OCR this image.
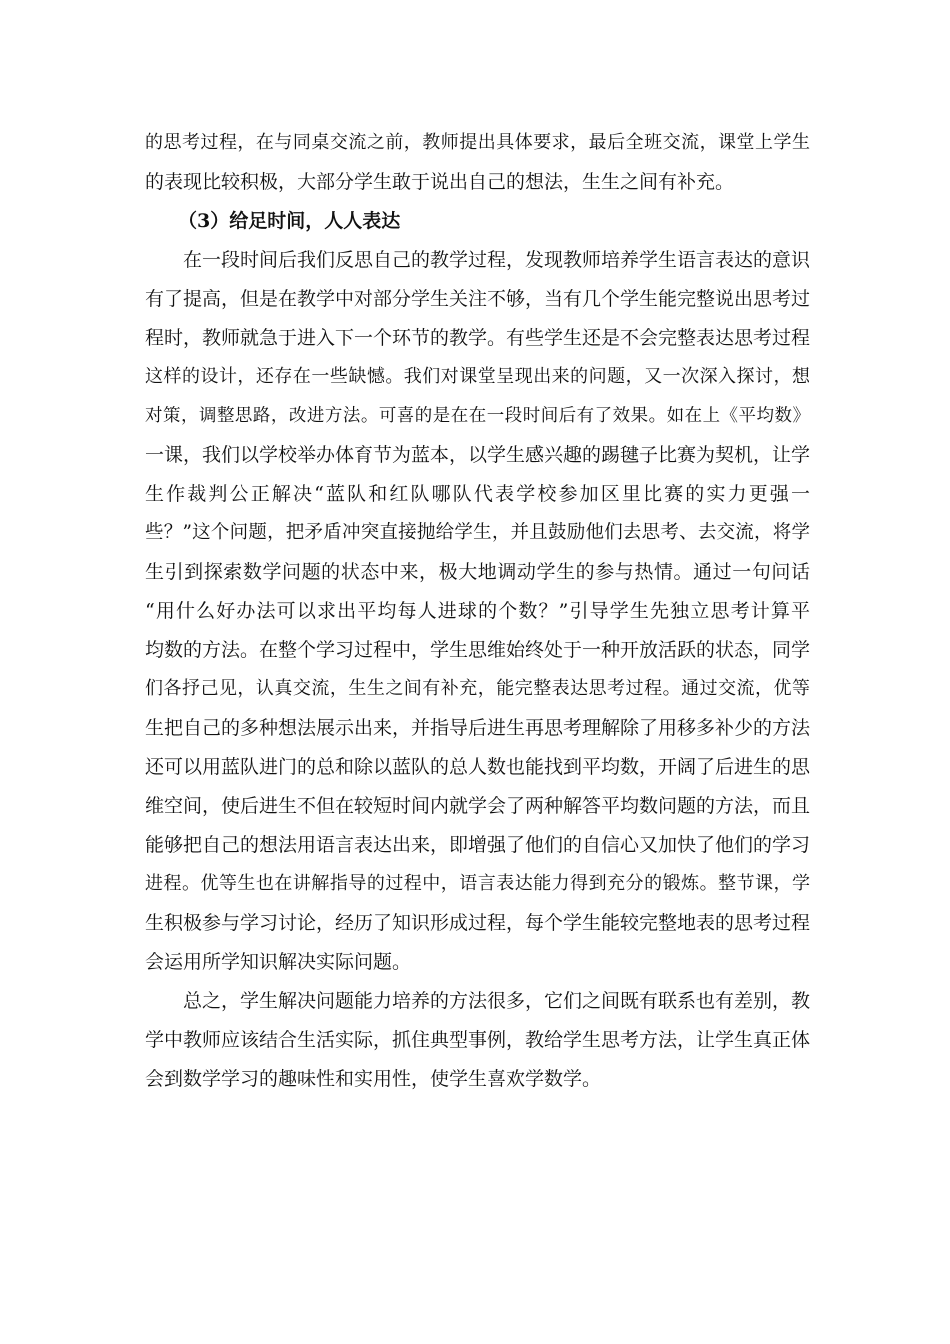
的思考过程，在与同桌交流之前，教师提出具体要求，最后全班交流，课堂上学生
的表现比较积极，大部分学生敢于说出自己的想法，生生之间有补充。
（3）给足时间，人人表达
在一段时间后我们反思自己的教学过程，发现教师培养学生语言表达的意识
有了提高，但是在教学中对部分学生关注不够，当有几个学生能完整说出思考过
程时，教师就急于进入下一个环节的教学。有些学生还是不会完整表达思考过程
这样的设计，还存在一些缺憾。我们对课堂呈现出来的问题，又一次深入探讨，想
对策，调整思路，改进方法。可喜的是在在一段时间后有了效果。如在上《平均数》
一课，我们以学校举办体育节为蓝本，以学生感兴趣的踢毽子比赛为契机，让学
生作裁判公正解决“蓝队和红队哪队代表学校参加区里比赛的实力更强一
些？”这个问题，把矛盾冲突直接抛给学生，并且鼓励他们去思考、去交流，将学
生引到探索数学问题的状态中来，极大地调动学生的参与热情。通过一句问话
“用什么好办法可以求出平均每人进球的个数？”引导学生先独立思考计算平
均数的方法。在整个学习过程中，学生思维始终处于一种开放活跃的状态，同学
们各抒己见，认真交流，生生之间有补充，能完整表达思考过程。通过交流，优等
生把自己的多种想法展示出来，并指导后进生再思考理解除了用移多补少的方法
还可以用蓝队进门的总和除以蓝队的总人数也能找到平均数，开阔了后进生的思
维空间，使后进生不但在较短时间内就学会了两种解答平均数问题的方法，而且
能够把自己的想法用语言表达出来，即增强了他们的自信心又加快了他们的学习
进程。优等生也在讲解指导的过程中，语言表达能力得到充分的锻炼。整节课，学
生积极参与学习讨论，经历了知识形成过程，每个学生能较完整地表的思考过程
会运用所学知识解决实际问题。
总之，学生解决问题能力培养的方法很多，它们之间既有联系也有差别，教
学中教师应该结合生活实际，抓住典型事例，教给学生思考方法，让学生真正体
会到数学学习的趣味性和实用性，使学生喜欢学数学。
